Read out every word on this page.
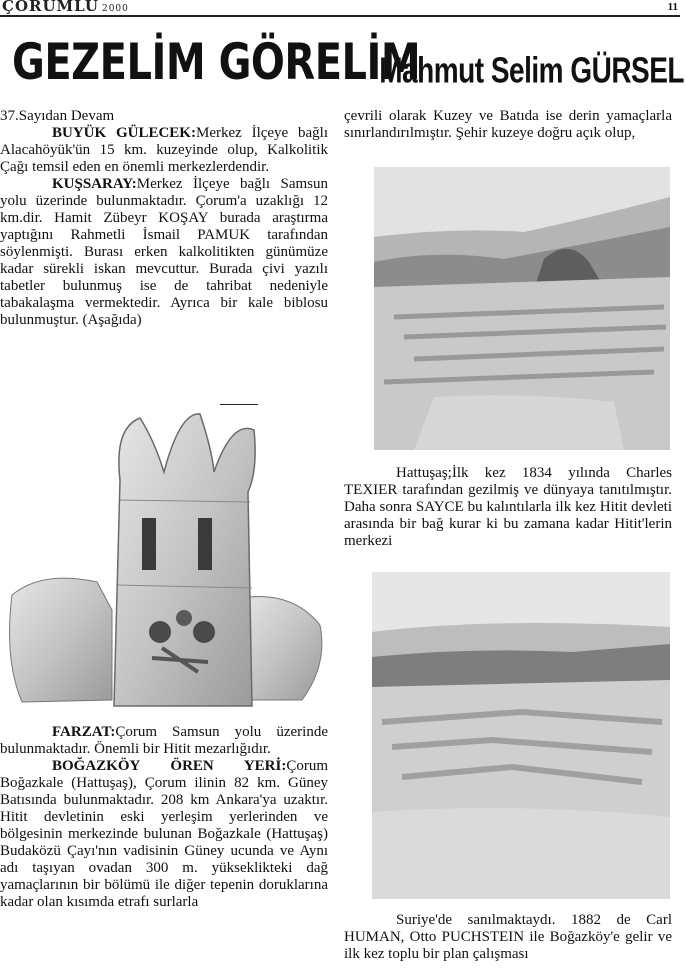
ÇORUMLU 2000	11
GEZELİM GÖRELİM
Mahmut Selim GÜRSEL

37.Sayıdan Devam

BUYÜK GÜLECEK:Merkez İlçeye bağlı Alacahöyük'ün 15 km. kuzeyinde olup, Kalkolitik Çağı temsil eden en önemli merkezlerdendir.

KUŞSARAY:Merkez İlçeye bağlı Samsun yolu üzerinde bulunmaktadır. Çorum'a uzaklığı 12 km.dir. Hamit Zübeyr KOŞAY burada araştırma yaptığını Rahmetli İsmail PAMUK tarafından söylenmişti. Burası erken kalkolitikten günümüze kadar sürekli iskan mevcuttur. Burada çivi yazılı tabetler bulunmuş ise de tahribat nedeniyle tabakalaşma vermektedir. Ayrıca bir kale biblosu bulunmuştur. (Aşağıda)

FARZAT:Çorum Samsun yolu üzerinde bulunmaktadır. Önemli bir Hitit mezarlığıdır.

BOĞAZKÖY ÖREN YERİ:Çorum Boğazkale (Hattuşaş), Çorum ilinin 82 km. Güney Batısında bulunmaktadır. 208 km Ankara'ya uzaktır. Hitit devletinin eski yerleşim yerlerinden ve bölgesinin merkezinde bulunan Boğazkale (Hattuşaş) Budaközü Çayı'nın vadisinin Güney ucunda ve Aynı adı taşıyan ovadan 300 m. yükseklikteki dağ yamaçlarının bir bölümü ile diğer tepenin doruklarına kadar olan kısımda etrafı surlarla

çevrili olarak Kuzey ve Batıda ise derin yamaçlarla sınırlandırılmıştır. Şehir kuzeye doğru açık olup,

Hattuşaş;İlk kez 1834 yılında Charles TEXIER tarafından gezilmiş ve dünyaya tanıtılmıştır. Daha sonra SAYCE bu kalıntılarla ilk kez Hitit devleti arasında bir bağ kurar ki bu zamana kadar Hitit'lerin merkezi

Suriye'de sanılmaktaydı. 1882 de Carl HUMAN, Otto PUCHSTEIN ile Boğazköy'e gelir ve ilk kez toplu bir plan çalışması
